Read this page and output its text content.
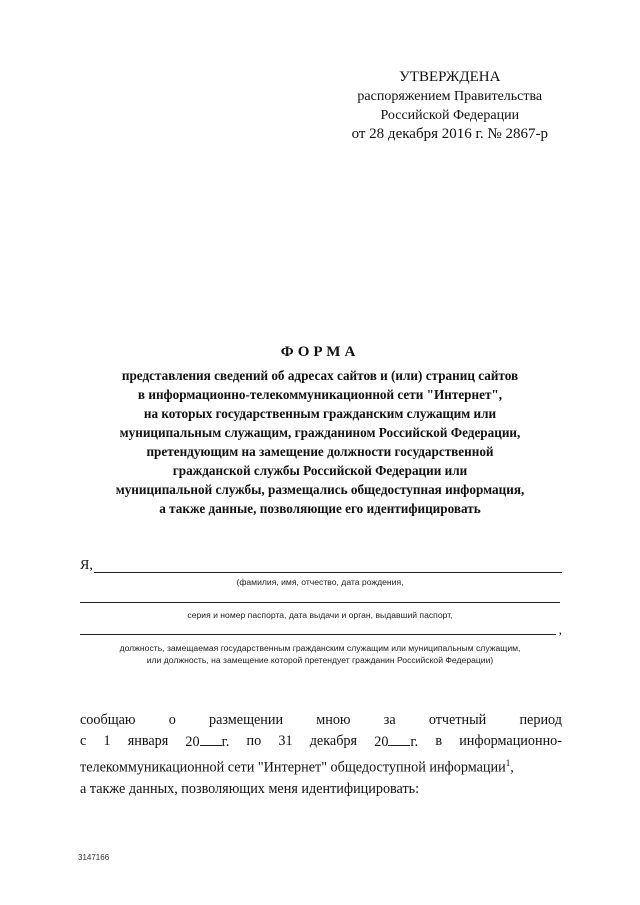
УТВЕРЖДЕНА
распоряжением Правительства
Российской Федерации
от 28 декабря 2016 г. № 2867-р
ФОРМА
представления сведений об адресах сайтов и (или) страниц сайтов
в информационно-телекоммуникационной сети "Интернет",
на которых государственным гражданским служащим или
муниципальным служащим, гражданином Российской Федерации,
претендующим на замещение должности государственной
гражданской службы Российской Федерации или
муниципальной службы, размещались общедоступная информация,
а также данные, позволяющие его идентифицировать
Я,
(фамилия, имя, отчество, дата рождения,
серия и номер паспорта, дата выдачи и орган, выдавший паспорт,
,
должность, замещаемая государственным гражданским служащим или муниципальным служащим,
или должность, на замещение которой претендует гражданин Российской Федерации)
сообщаю о размещении мною за отчетный период
с 1 января 20 г. по 31 декабря 20 г. в информационно-
телекоммуникационной сети "Интернет" общедоступной информации$^1$,
а также данных, позволяющих меня идентифицировать:
3147166
